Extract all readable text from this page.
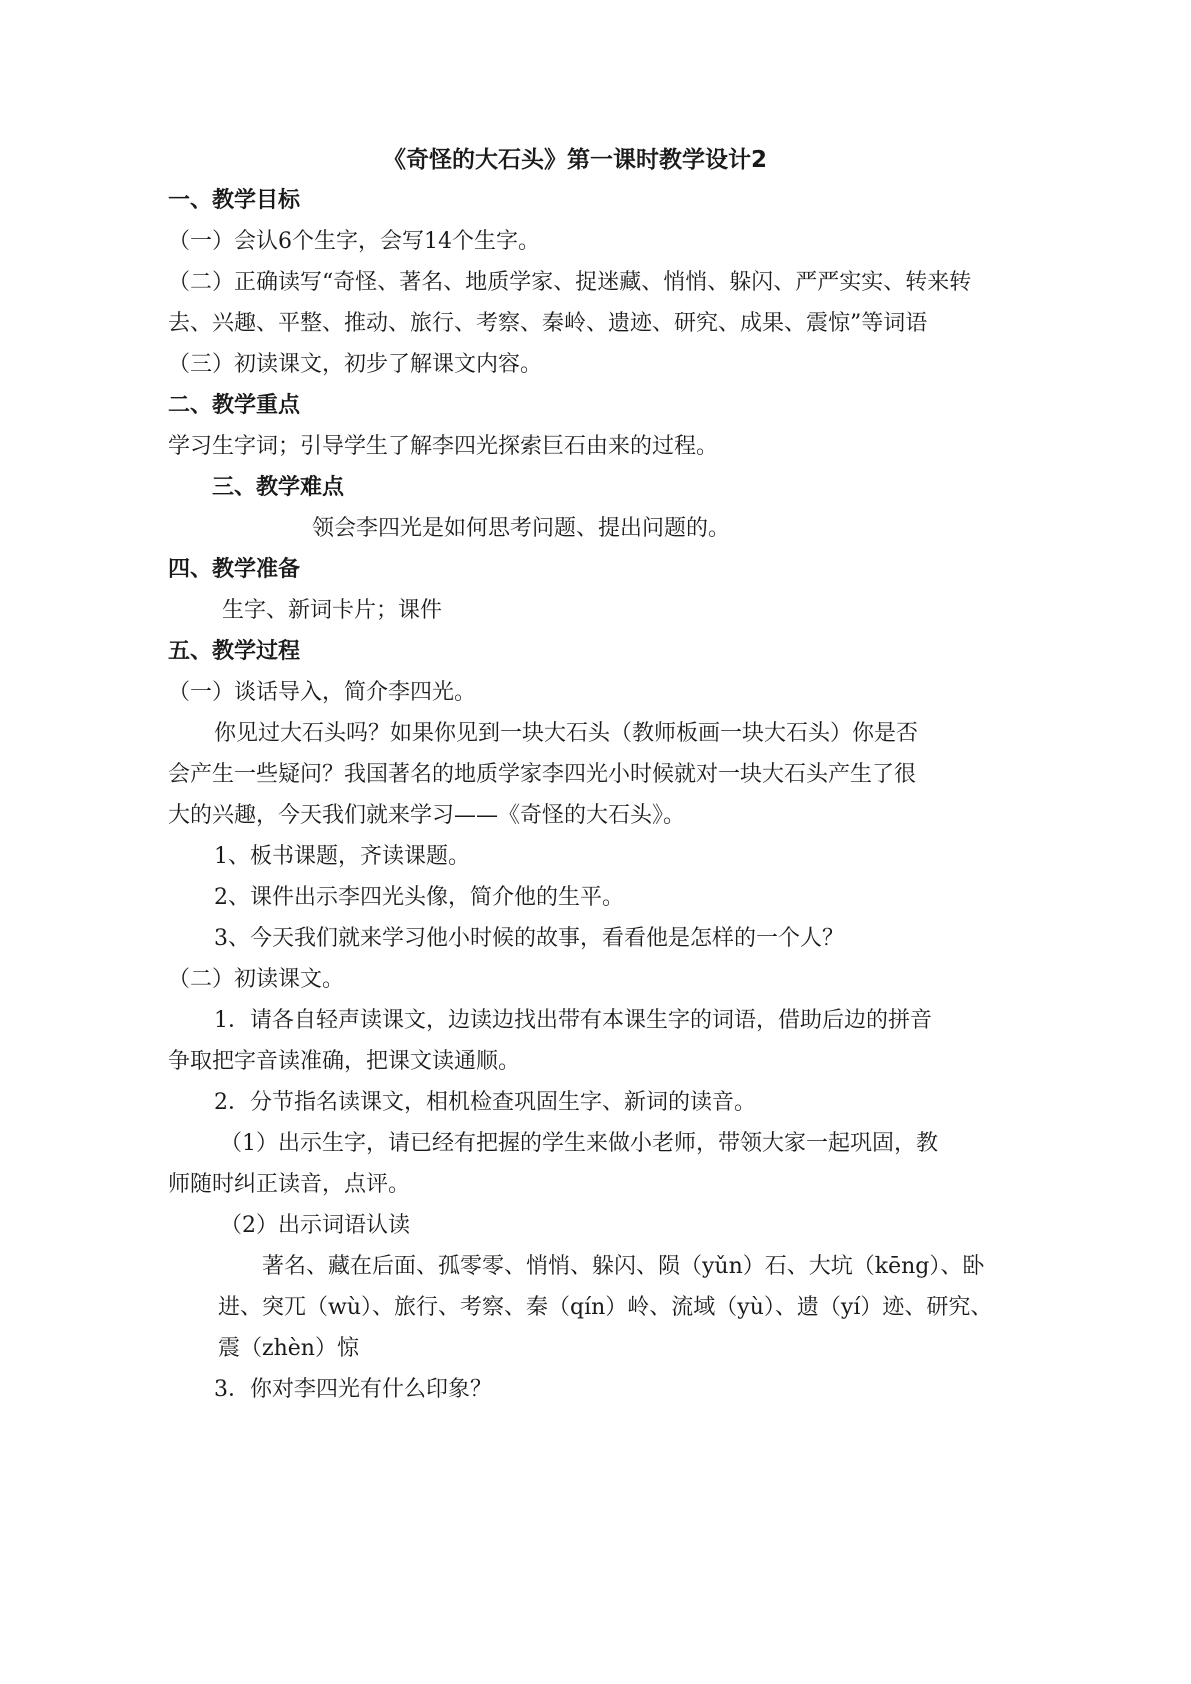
《奇怪的大石头》第一课时教学设计2
一、教学目标
（一）会认6个生字，会写14个生字。
（二）正确读写“奇怪、著名、地质学家、捉迷藏、悄悄、躲闪、严严实实、转来转
去、兴趣、平整、推动、旅行、考察、秦岭、遗迹、研究、成果、震惊”等词语
（三）初读课文，初步了解课文内容。
二、教学重点
学习生字词；引导学生了解李四光探索巨石由来的过程。
三、教学难点
领会李四光是如何思考问题、提出问题的。
四、教学准备
生字、新词卡片；课件
五、教学过程
（一）谈话导入，简介李四光。
你见过大石头吗？如果你见到一块大石头（教师板画一块大石头）你是否
会产生一些疑问？我国著名的地质学家李四光小时候就对一块大石头产生了很
大的兴趣，今天我们就来学习——《奇怪的大石头》。
1、板书课题，齐读课题。
2、课件出示李四光头像，简介他的生平。
3、今天我们就来学习他小时候的故事，看看他是怎样的一个人？
（二）初读课文。
1．请各自轻声读课文，边读边找出带有本课生字的词语，借助后边的拼音
争取把字音读准确，把课文读通顺。
2．分节指名读课文，相机检查巩固生字、新词的读音。
（1）出示生字，请已经有把握的学生来做小老师，带领大家一起巩固，教
师随时纠正读音，点评。
（2）出示词语认读
著名、藏在后面、孤零零、悄悄、躲闪、陨（yǔn）石、大坑（kēng）、卧
进、突兀（wù）、旅行、考察、秦（qín）岭、流域（yù）、遗（yí）迹、研究、
震（zhèn）惊
3．你对李四光有什么印象？
